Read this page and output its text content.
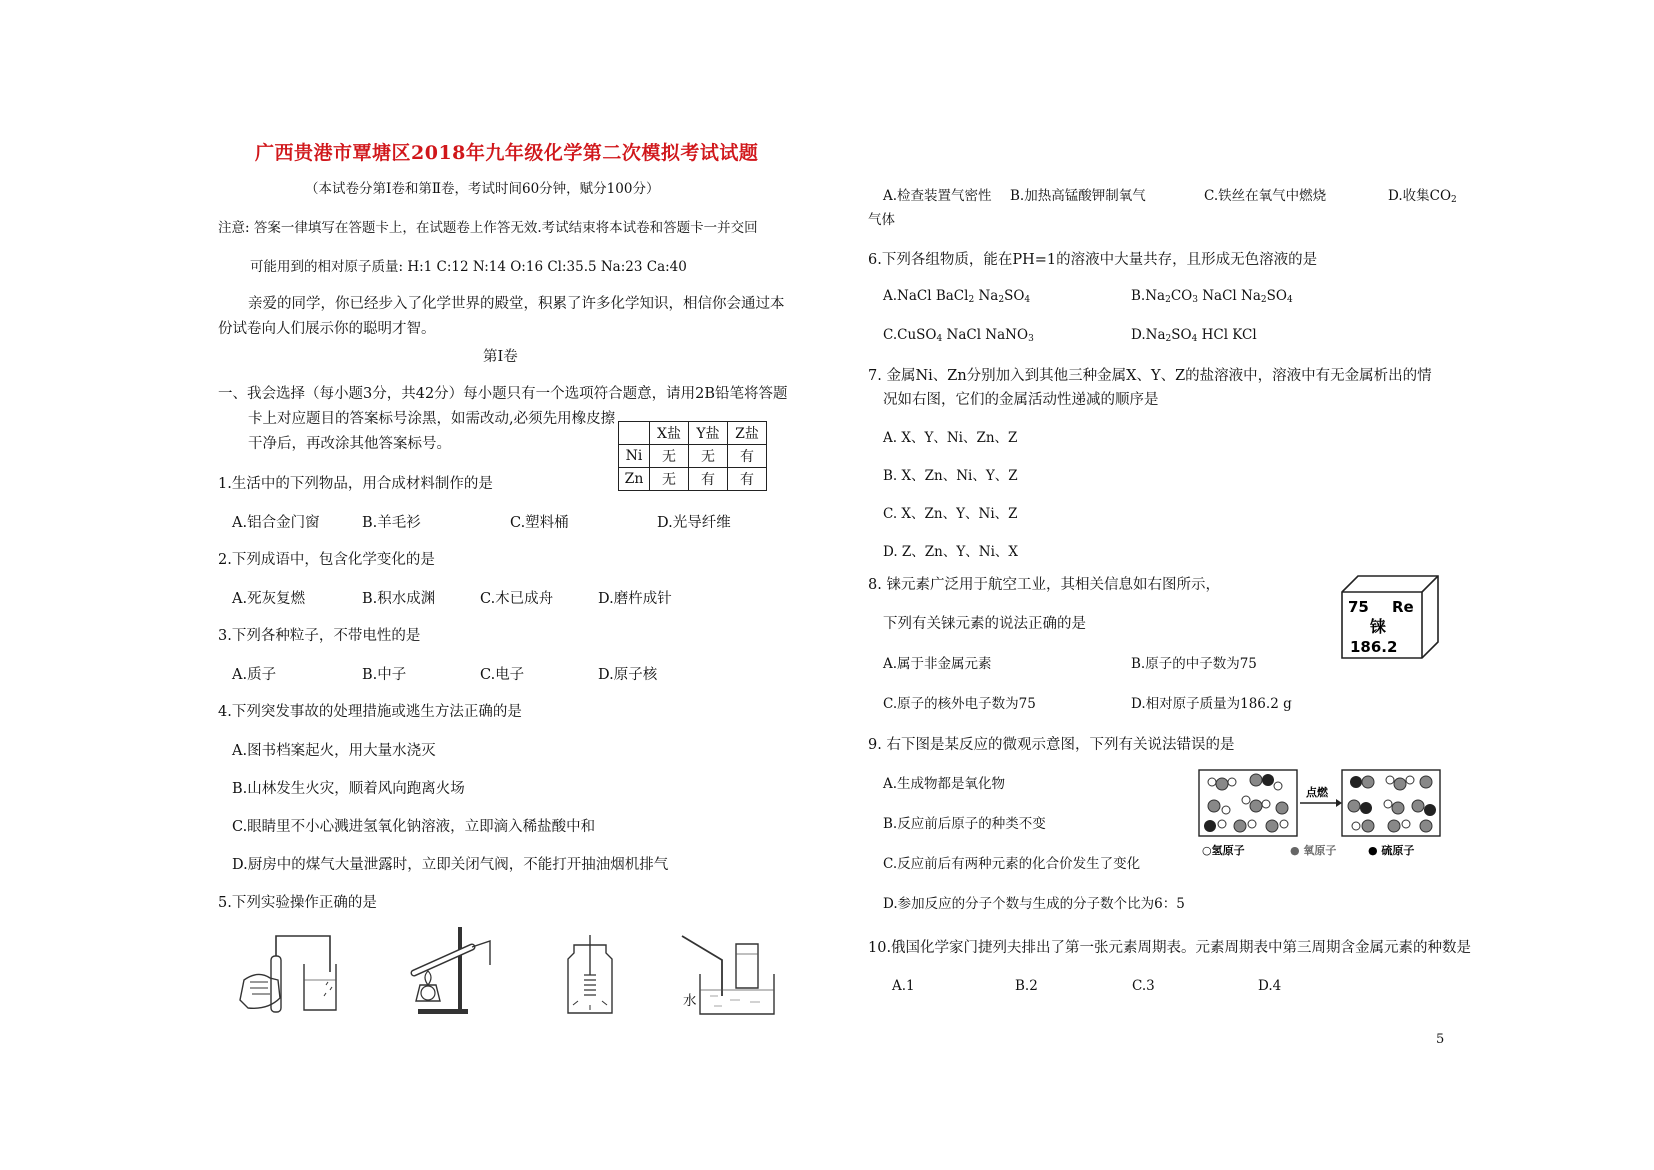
广西贵港市覃塘区2018年九年级化学第二次模拟考试试题
（本试卷分第Ⅰ卷和第Ⅱ卷，考试时间60分钟，赋分100分）
注意: 答案一律填写在答题卡上，在试题卷上作答无效.考试结束将本试卷和答题卡一并交回
可能用到的相对原子质量: H:1 C:12 N:14 O:16 Cl:35.5 Na:23 Ca:40
亲爱的同学，你已经步入了化学世界的殿堂，积累了许多化学知识，相信你会通过本
份试卷向人们展示你的聪明才智。
第Ⅰ卷
一、我会选择（每小题3分，共42分）每小题只有一个选项符合题意，请用2B铅笔将答题
卡上对应题目的答案标号涂黑，如需改动,必须先用橡皮擦
干净后，再改涂其他答案标号。
	X盐	Y盐	Z盐
Ni	无	无	有
Zn	无	有	有
1.生活中的下列物品，用合成材料制作的是
A.铝合金门窗	B.羊毛衫	C.塑料桶	D.光导纤维
2.下列成语中，包含化学变化的是
A.死灰复燃	B.积水成渊	C.木已成舟	D.磨杵成针
3.下列各种粒子，不带电性的是
A.质子	B.中子	C.电子	D.原子核
4.下列突发事故的处理措施或逃生方法正确的是
A.图书档案起火，用大量水浇灭
B.山林发生火灾，顺着风向跑离火场
C.眼睛里不小心溅进氢氧化钠溶液，立即滴入稀盐酸中和
D.厨房中的煤气大量泄露时，立即关闭气阀，不能打开抽油烟机排气
5.下列实验操作正确的是
水
A.检查装置气密性 B.加热高锰酸钾制氧气	C.铁丝在氧气中燃烧	D.收集$CO_2$
气体
6.下列各组物质，能在PH=1的溶液中大量共存，且形成无色溶液的是
A.NaCl BaCl$_2$ $Na_2SO_4$	$B.Na_2CO_3$ NaCl $Na_2SO_4$
C.CuSO$_4$ NaCl NaNO$_3$	$D.Na_2SO_4$ HCl KCl
7. 金属Ni、Zn分别加入到其他三种金属X、Y、Z的盐溶液中，溶液中有无金属析出的情
况如右图，它们的金属活动性递减的顺序是
A. X、Y、Ni、Zn、Z
B. X、Zn、Ni、Y、Z
C. X、Zn、Y、Ni、Z
D. Z、Zn、Y、Ni、X
8. 铼元素广泛用于航空工业，其相关信息如右图所示，
下列有关铼元素的说法正确的是
A.属于非金属元素	B.原子的中子数为75
C.原子的核外电子数为75	D.相对原子质量为186.2 g
75 Re
铼
186.2
9. 右下图是某反应的微观示意图，下列有关说法错误的是
A.生成物都是氧化物
B.反应前后原子的种类不变
C.反应前后有两种元素的化合价发生了变化
D.参加反应的分子个数与生成的分子数个比为6：5
点燃
○氢原子	● 氧原子	● 硫原子
10.俄国化学家门捷列夫排出了第一张元素周期表。元素周期表中第三周期含金属元素的种数是
A.1	B.2	C.3	D.4
5
